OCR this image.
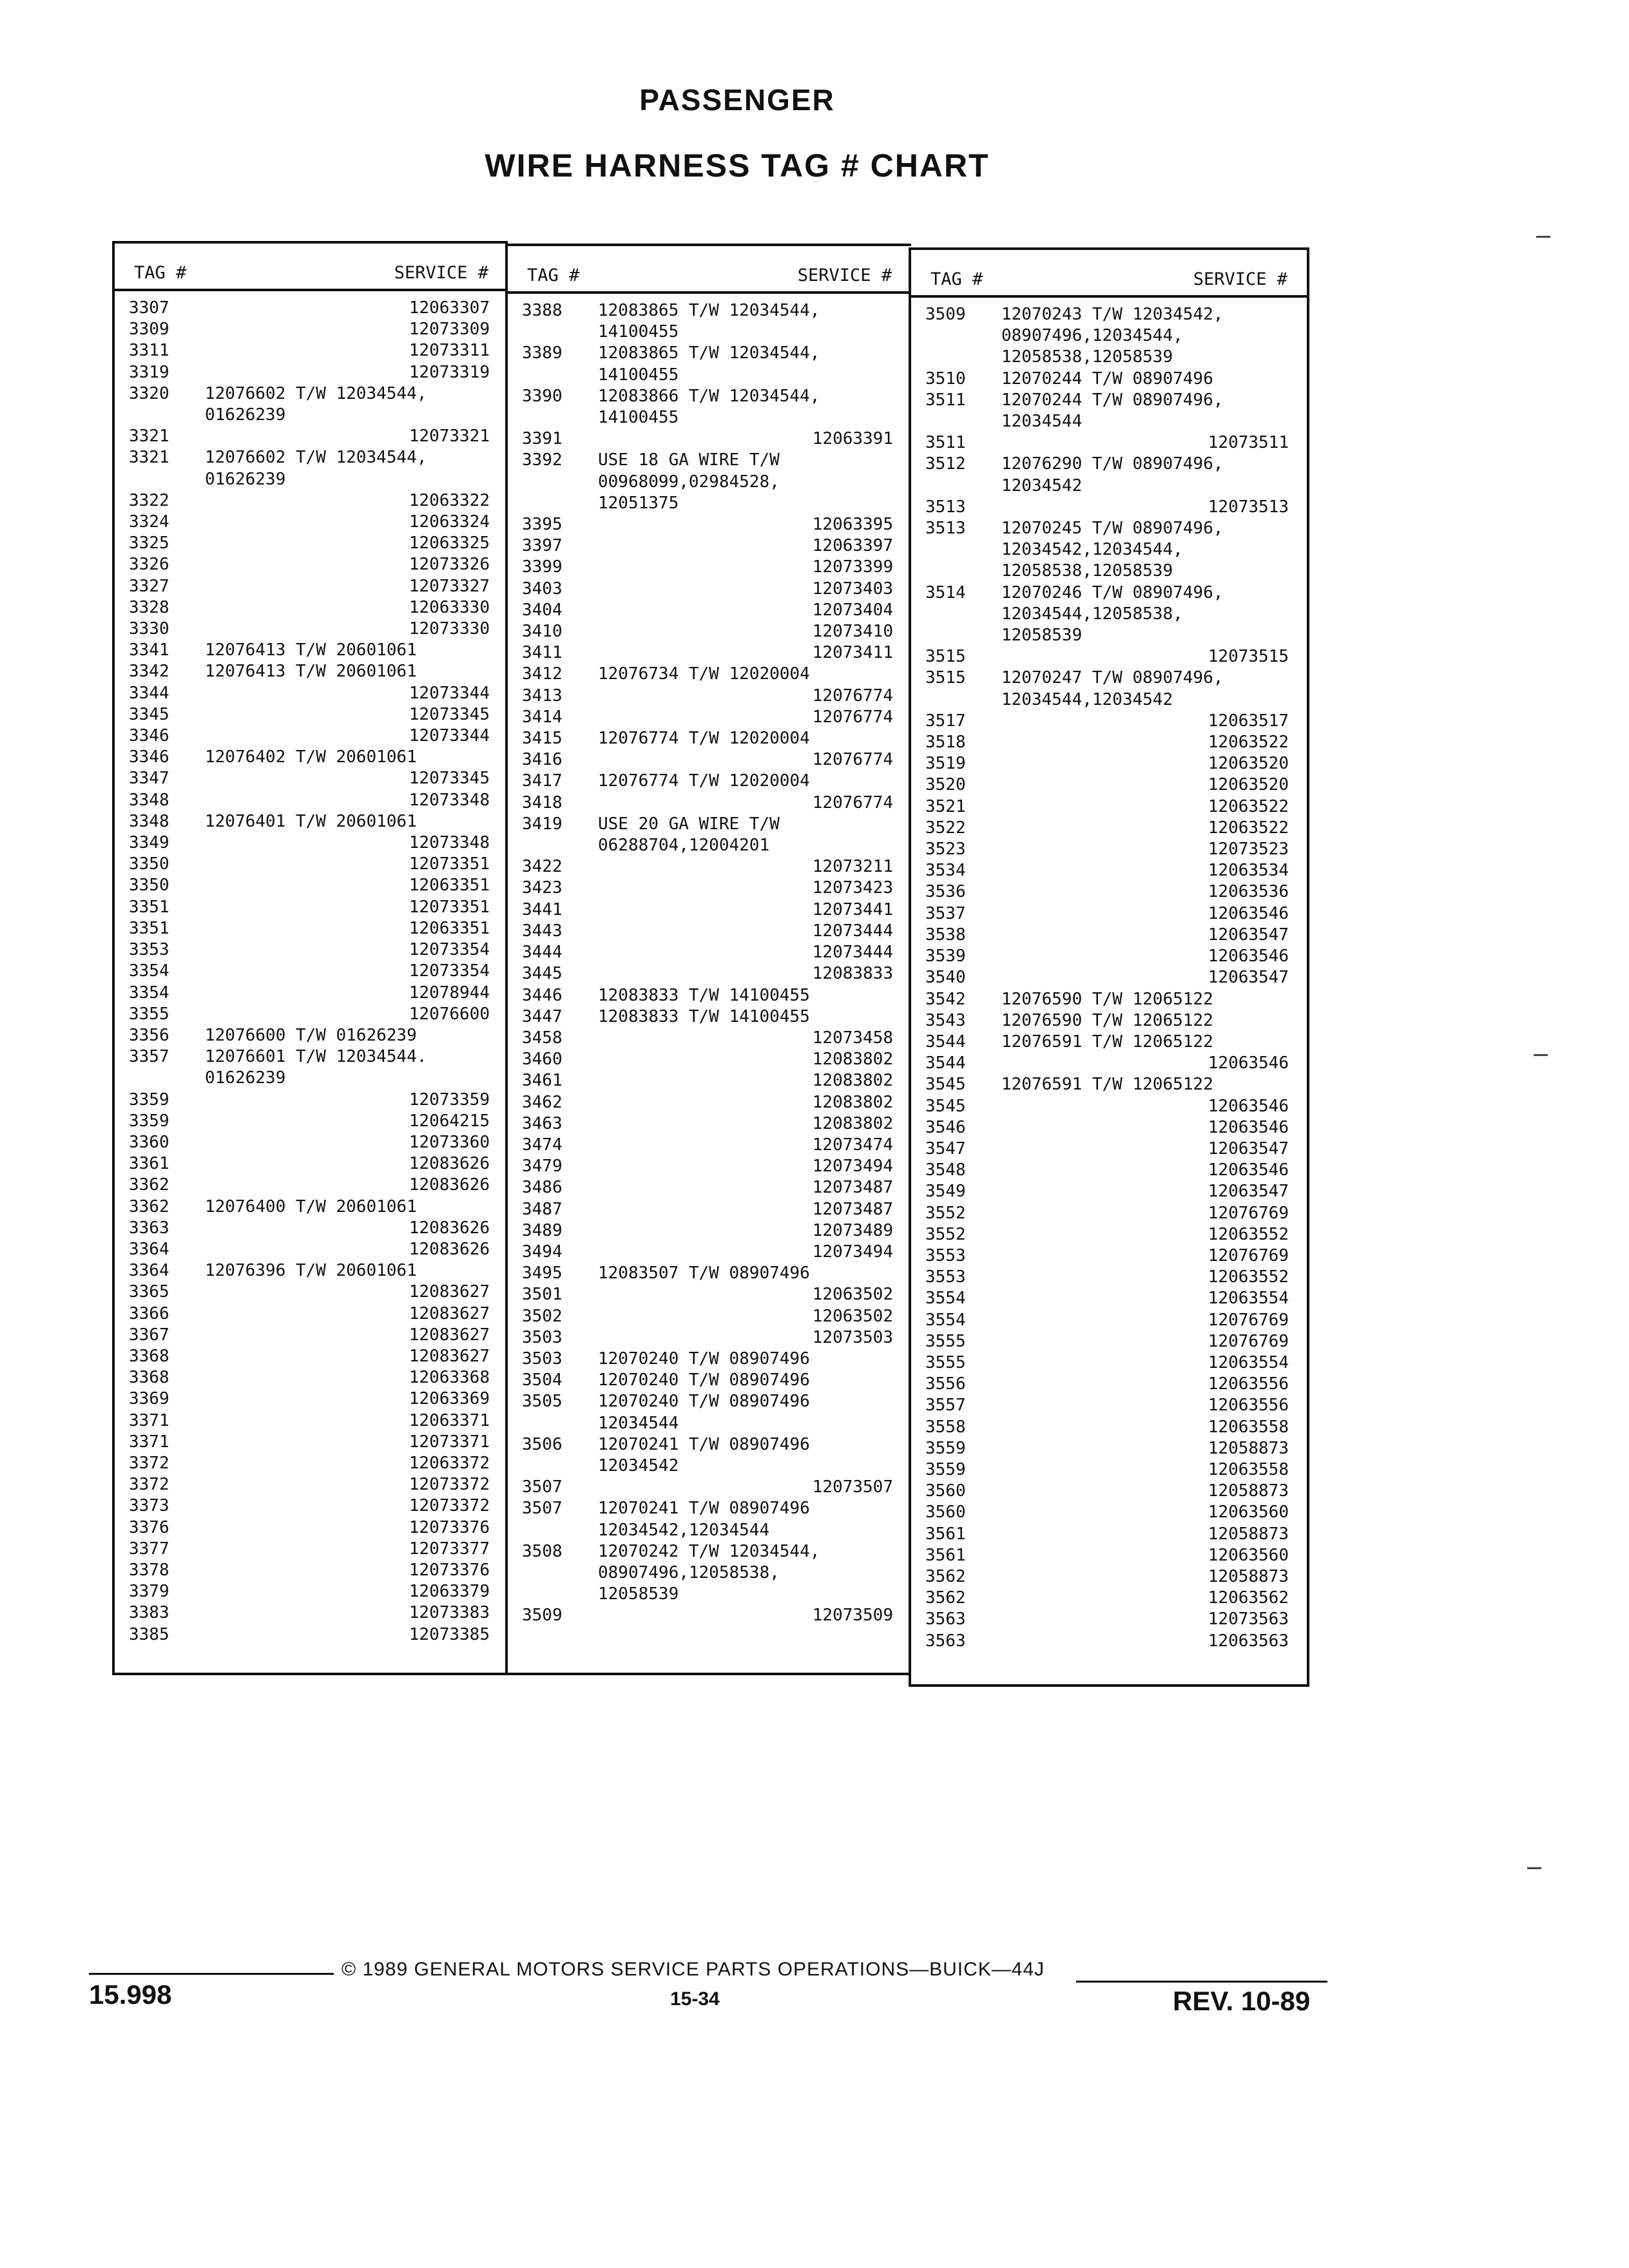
PASSENGER
WIRE HARNESS TAG # CHART
TAG #	SERVICE #
3307	12063307
3309	12073309
3311	12073311
3319	12073319
3320	12076602 T/W 12034544,
01626239
3321	12073321
3321	12076602 T/W 12034544,
01626239
3322	12063322
3324	12063324
3325	12063325
3326	12073326
3327	12073327
3328	12063330
3330	12073330
3341	12076413 T/W 20601061
3342	12076413 T/W 20601061
3344	12073344
3345	12073345
3346	12073344
3346	12076402 T/W 20601061
3347	12073345
3348	12073348
3348	12076401 T/W 20601061
3349	12073348
3350	12073351
3350	12063351
3351	12073351
3351	12063351
3353	12073354
3354	12073354
3354	12078944
3355	12076600
3356	12076600 T/W 01626239
3357	12076601 T/W 12034544.
01626239
3359	12073359
3359	12064215
3360	12073360
3361	12083626
3362	12083626
3362	12076400 T/W 20601061
3363	12083626
3364	12083626
3364	12076396 T/W 20601061
3365	12083627
3366	12083627
3367	12083627
3368	12083627
3368	12063368
3369	12063369
3371	12063371
3371	12073371
3372	12063372
3372	12073372
3373	12073372
3376	12073376
3377	12073377
3378	12073376
3379	12063379
3383	12073383
3385	12073385
TAG #	SERVICE #
3388	12083865 T/W 12034544,
14100455
3389	12083865 T/W 12034544,
14100455
3390	12083866 T/W 12034544,
14100455
3391	12063391
3392	USE 18 GA WIRE T/W
00968099,02984528,
12051375
3395	12063395
3397	12063397
3399	12073399
3403	12073403
3404	12073404
3410	12073410
3411	12073411
3412	12076734 T/W 12020004
3413	12076774
3414	12076774
3415	12076774 T/W 12020004
3416	12076774
3417	12076774 T/W 12020004
3418	12076774
3419	USE 20 GA WIRE T/W
06288704,12004201
3422	12073211
3423	12073423
3441	12073441
3443	12073444
3444	12073444
3445	12083833
3446	12083833 T/W 14100455
3447	12083833 T/W 14100455
3458	12073458
3460	12083802
3461	12083802
3462	12083802
3463	12083802
3474	12073474
3479	12073494
3486	12073487
3487	12073487
3489	12073489
3494	12073494
3495	12083507 T/W 08907496
3501	12063502
3502	12063502
3503	12073503
3503	12070240 T/W 08907496
3504	12070240 T/W 08907496
3505	12070240 T/W 08907496
12034544
3506	12070241 T/W 08907496
12034542
3507	12073507
3507	12070241 T/W 08907496
12034542,12034544
3508	12070242 T/W 12034544,
08907496,12058538,
12058539
3509	12073509
TAG #	SERVICE #
3509	12070243 T/W 12034542,
08907496,12034544,
12058538,12058539
3510	12070244 T/W 08907496
3511	12070244 T/W 08907496,
12034544
3511	12073511
3512	12076290 T/W 08907496,
12034542
3513	12073513
3513	12070245 T/W 08907496,
12034542,12034544,
12058538,12058539
3514	12070246 T/W 08907496,
12034544,12058538,
12058539
3515	12073515
3515	12070247 T/W 08907496,
12034544,12034542
3517	12063517
3518	12063522
3519	12063520
3520	12063520
3521	12063522
3522	12063522
3523	12073523
3534	12063534
3536	12063536
3537	12063546
3538	12063547
3539	12063546
3540	12063547
3542	12076590 T/W 12065122
3543	12076590 T/W 12065122
3544	12076591 T/W 12065122
3544	12063546
3545	12076591 T/W 12065122
3545	12063546
3546	12063546
3547	12063547
3548	12063546
3549	12063547
3552	12076769
3552	12063552
3553	12076769
3553	12063552
3554	12063554
3554	12076769
3555	12076769
3555	12063554
3556	12063556
3557	12063556
3558	12063558
3559	12058873
3559	12063558
3560	12058873
3560	12063560
3561	12058873
3561	12063560
3562	12058873
3562	12063562
3563	12073563
3563	12063563
15.998
© 1989 GENERAL MOTORS SERVICE PARTS OPERATIONS—BUICK—44J
15-34	REV. 10-89
